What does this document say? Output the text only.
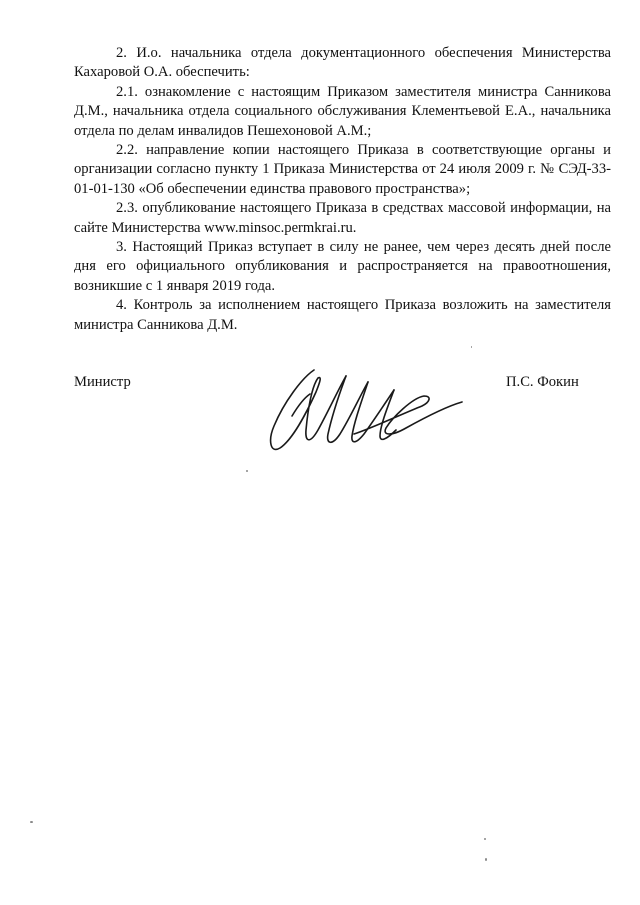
2. И.о. начальника отдела документационного обеспечения Министерства Кахаровой О.А. обеспечить:

2.1. ознакомление с настоящим Приказом заместителя министра Санникова Д.М., начальника отдела социального обслуживания Клементьевой Е.А., начальника отдела по делам инвалидов Пешехоновой А.М.;

2.2. направление копии настоящего Приказа в соответствующие органы и организации согласно пункту 1 Приказа Министерства от 24 июля 2009 г. № СЭД-33-01-01-130 «Об обеспечении единства правового пространства»;

2.3. опубликование настоящего Приказа в средствах массовой информации, на сайте Министерства www.minsoc.permkrai.ru.

3. Настоящий Приказ вступает в силу не ранее, чем через десять дней после дня его официального опубликования и распространяется на правоотношения, возникшие с 1 января 2019 года.

4. Контроль за исполнением настоящего Приказа возложить на заместителя министра Санникова Д.М.

Министр	П.С. Фокин
